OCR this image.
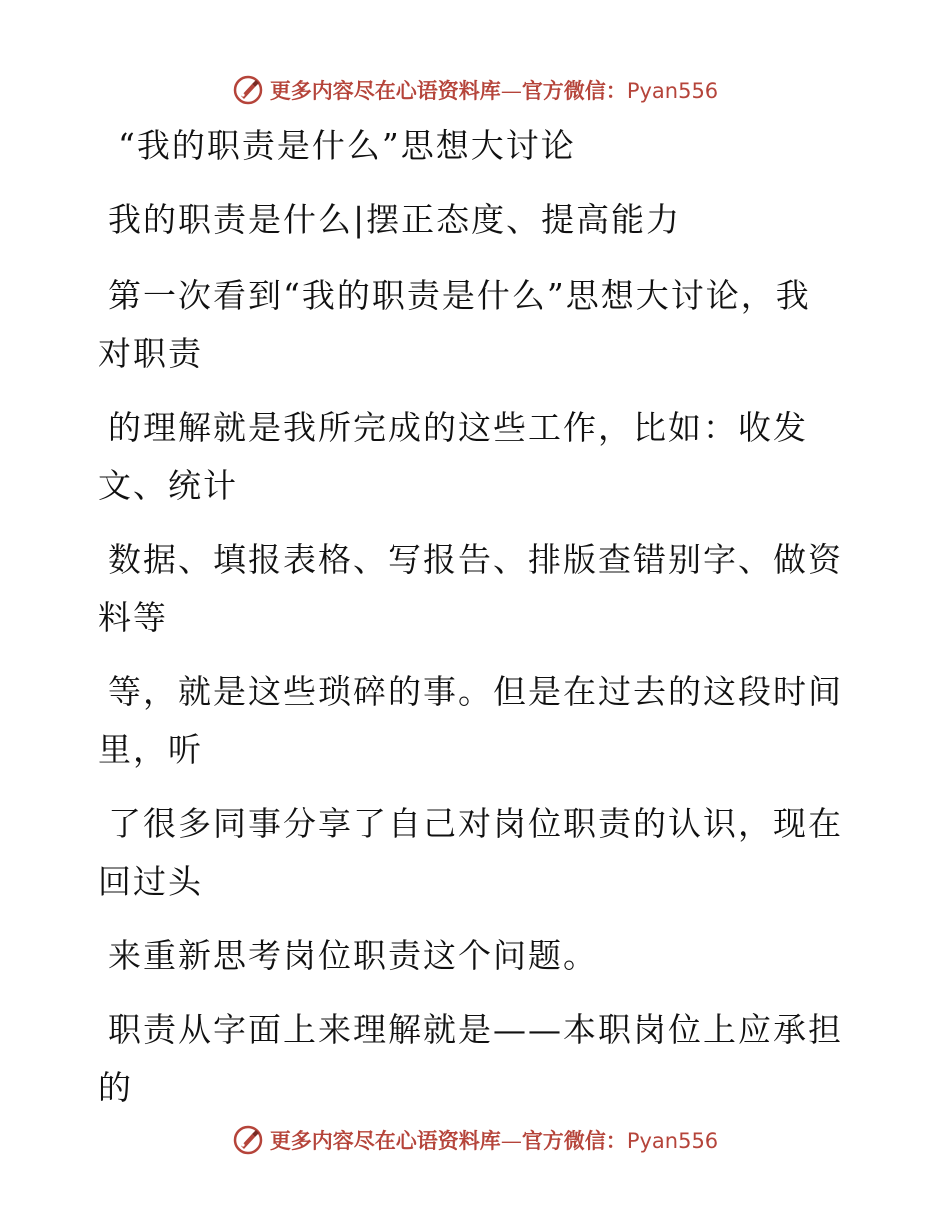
更多内容尽在心语资料库—官方微信：Pyan556
“我的职责是什么”思想大讨论
我的职责是什么|摆正态度、提高能力
第一次看到“我的职责是什么”思想大讨论，我
对职责
的理解就是我所完成的这些工作，比如：收发
文、统计
数据、填报表格、写报告、排版查错别字、做资
料等
等，就是这些琐碎的事。但是在过去的这段时间
里，听
了很多同事分享了自己对岗位职责的认识，现在
回过头
来重新思考岗位职责这个问题。
职责从字面上来理解就是——本职岗位上应承担
的
更多内容尽在心语资料库—官方微信：Pyan556
